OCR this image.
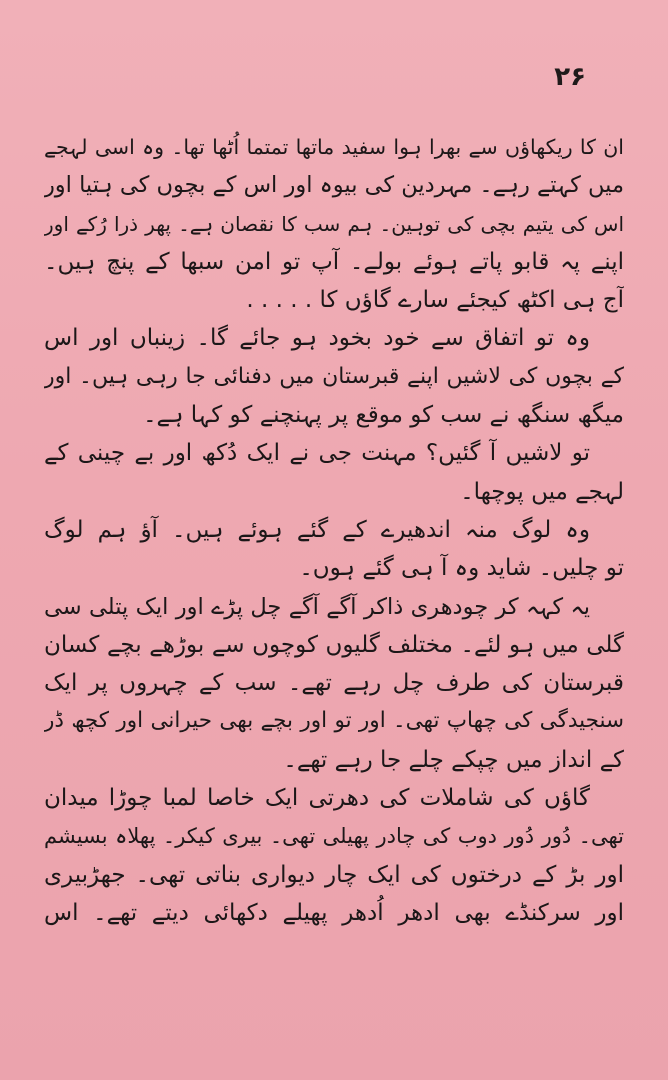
۲۶
ان کا ریکھاؤں سے بھرا ہوا سفید ماتھا تمتما اُٹھا تھا۔ وہ اسی لہجے
میں کہتے رہے۔ مہردین کی بیوہ اور اس کے بچوں کی ہتیا اور
اس کی یتیم بچی کی توہین۔ ہم سب کا نقصان ہے۔ پھر ذرا رُکے اور
اپنے پہ قابو پاتے ہوئے بولے۔ آپ تو امن سبھا کے پنچ ہیں۔
آج ہی اکٹھ کیجئے سارے گاؤں کا . . . . .
وہ تو اتفاق سے خود بخود ہو جائے گا۔ زینباں اور اس
کے بچوں کی لاشیں اپنے قبرستان میں دفنائی جا رہی ہیں۔ اور
میگھ سنگھ نے سب کو موقع پر پہنچنے کو کہا ہے۔
تو لاشیں آ گئیں؟ مہنت جی نے ایک دُکھ اور بے چینی کے
لہجے میں پوچھا۔
وہ لوگ منہ اندھیرے کے گئے ہوئے ہیں۔ آؤ ہم لوگ
تو چلیں۔ شاید وہ آ ہی گئے ہوں۔
یہ کہہ کر چودھری ذاکر آگے آگے چل پڑے اور ایک پتلی سی
گلی میں ہو لئے۔ مختلف گلیوں کوچوں سے بوڑھے بچے کسان
قبرستان کی طرف چل رہے تھے۔ سب کے چہروں پر ایک
سنجیدگی کی چھاپ تھی۔ اور تو اور بچے بھی حیرانی اور کچھ ڈر
کے انداز میں چپکے چلے جا رہے تھے۔
گاؤں کی شاملات کی دھرتی ایک خاصا لمبا چوڑا میدان
تھی۔ دُور دُور دوب کی چادر پھیلی تھی۔ بیری کیکر۔ پھلاہ بسیشم
اور بڑ کے درختوں کی ایک چار دیواری بناتی تھی۔ جھڑبیری
اور سرکنڈے بھی ادھر اُدھر پھیلے دکھائی دیتے تھے۔ اس
